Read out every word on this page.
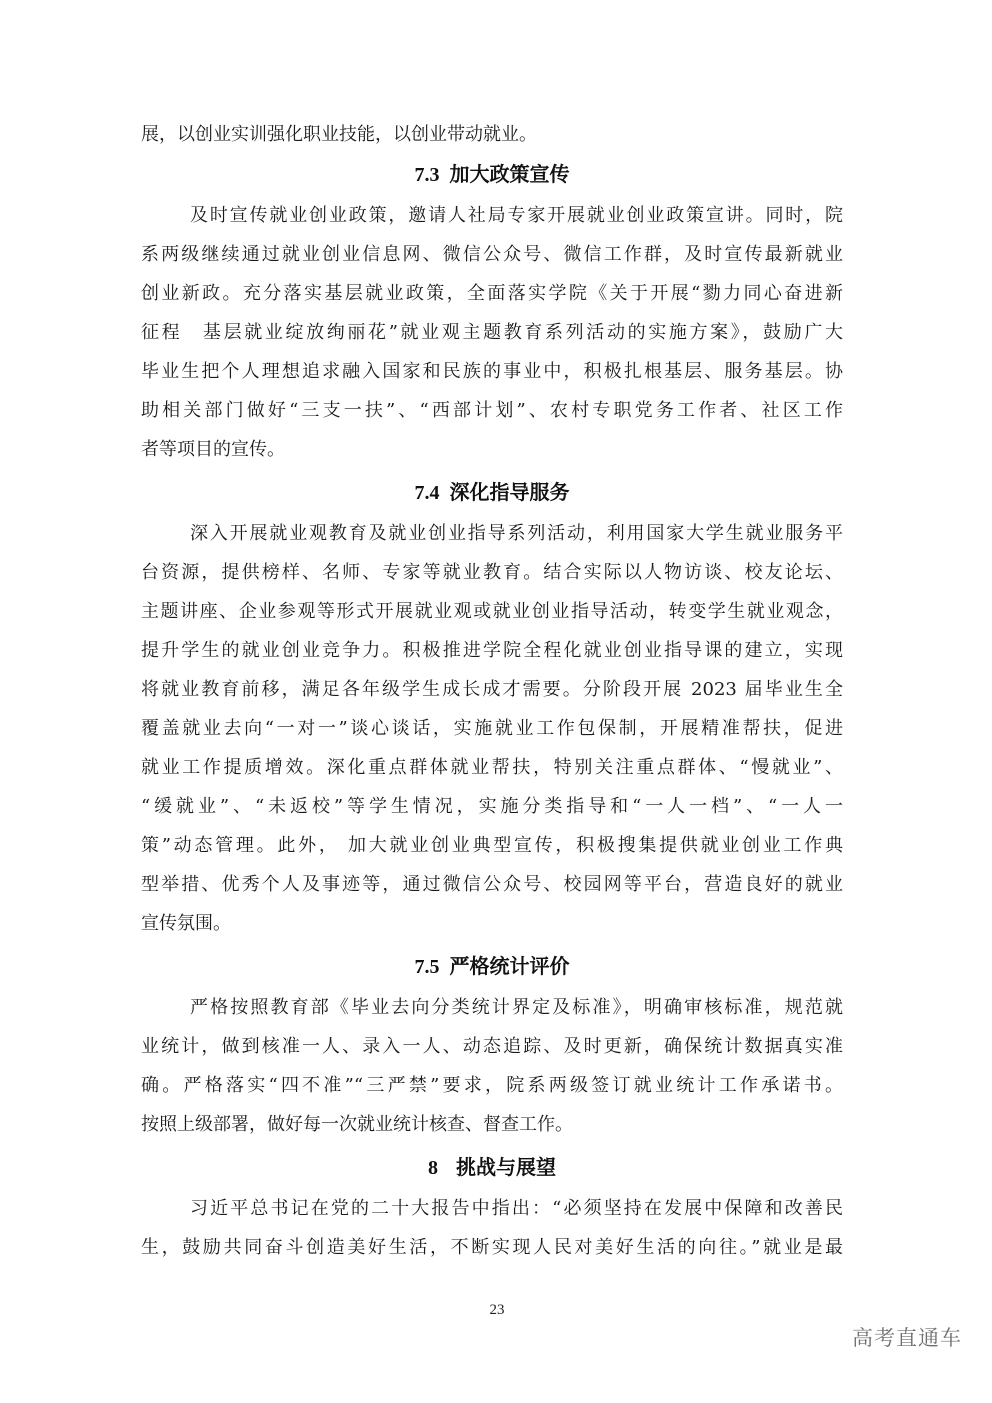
展，以创业实训强化职业技能，以创业带动就业。
7.3 加大政策宣传
及时宣传就业创业政策，邀请人社局专家开展就业创业政策宣讲。同时，院
系两级继续通过就业创业信息网、微信公众号、微信工作群，及时宣传最新就业
创业新政。充分落实基层就业政策，全面落实学院《关于开展“勠力同心奋进新
征程　基层就业绽放绚丽花”就业观主题教育系列活动的实施方案》，鼓励广大
毕业生把个人理想追求融入国家和民族的事业中，积极扎根基层、服务基层。协
助相关部门做好“三支一扶”、“西部计划”、农村专职党务工作者、社区工作
者等项目的宣传。
7.4 深化指导服务
深入开展就业观教育及就业创业指导系列活动，利用国家大学生就业服务平
台资源，提供榜样、名师、专家等就业教育。结合实际以人物访谈、校友论坛、
主题讲座、企业参观等形式开展就业观或就业创业指导活动，转变学生就业观念，
提升学生的就业创业竞争力。积极推进学院全程化就业创业指导课的建立，实现
将就业教育前移，满足各年级学生成长成才需要。分阶段开展 2023 届毕业生全
覆盖就业去向“一对一”谈心谈话，实施就业工作包保制，开展精准帮扶，促进
就业工作提质增效。深化重点群体就业帮扶，特别关注重点群体、“慢就业”、
“缓就业”、“未返校”等学生情况，实施分类指导和“一人一档”、“一人一
策”动态管理。此外， 加大就业创业典型宣传，积极搜集提供就业创业工作典
型举措、优秀个人及事迹等，通过微信公众号、校园网等平台，营造良好的就业
宣传氛围。
7.5 严格统计评价
严格按照教育部《毕业去向分类统计界定及标准》，明确审核标准，规范就
业统计，做到核准一人、录入一人、动态追踪、及时更新，确保统计数据真实准
确。严格落实“四不准”“三严禁”要求，院系两级签订就业统计工作承诺书。
按照上级部署，做好每一次就业统计核查、督查工作。
8 挑战与展望
习近平总书记在党的二十大报告中指出：“必须坚持在发展中保障和改善民
生，鼓励共同奋斗创造美好生活，不断实现人民对美好生活的向往。”就业是最
23
高考直通车
